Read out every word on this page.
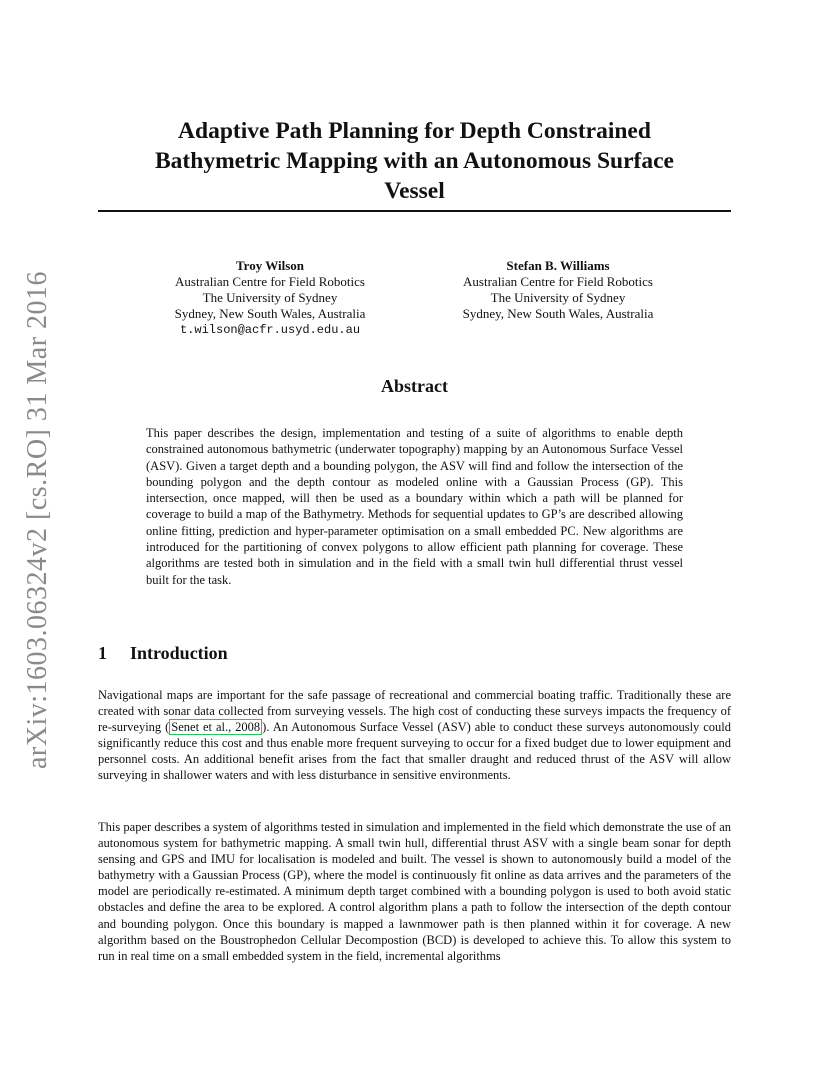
arXiv:1603.06324v2 [cs.RO] 31 Mar 2016
Adaptive Path Planning for Depth Constrained
Bathymetric Mapping with an Autonomous Surface
Vessel
Troy Wilson
Australian Centre for Field Robotics
The University of Sydney
Sydney, New South Wales, Australia
t.wilson@acfr.usyd.edu.au
Stefan B. Williams
Australian Centre for Field Robotics
The University of Sydney
Sydney, New South Wales, Australia
Abstract
This paper describes the design, implementation and testing of a suite of algorithms to enable depth constrained autonomous bathymetric (underwater topography) mapping by an Autonomous Surface Vessel (ASV). Given a target depth and a bounding polygon, the ASV will find and follow the intersection of the bounding polygon and the depth contour as modeled online with a Gaussian Process (GP). This intersection, once mapped, will then be used as a boundary within which a path will be planned for coverage to build a map of the Bathymetry. Methods for sequential updates to GP’s are described allowing online fitting, prediction and hyper-parameter optimisation on a small embedded PC. New algorithms are introduced for the partitioning of convex polygons to allow efficient path planning for coverage. These algorithms are tested both in simulation and in the field with a small twin hull differential thrust vessel built for the task.
1 Introduction

Navigational maps are important for the safe passage of recreational and commercial boating traffic. Traditionally these are created with sonar data collected from surveying vessels. The high cost of conducting these surveys impacts the frequency of re-surveying ( Senet et al., 2008 ). An Autonomous Surface Vessel (ASV) able to conduct these surveys autonomously could significantly reduce this cost and thus enable more frequent surveying to occur for a fixed budget due to lower equipment and personnel costs. An additional benefit arises from the fact that smaller draught and reduced thrust of the ASV will allow surveying in shallower waters and with less disturbance in sensitive environments.

This paper describes a system of algorithms tested in simulation and implemented in the field which demonstrate the use of an autonomous system for bathymetric mapping. A small twin hull, differential thrust ASV with a single beam sonar for depth sensing and GPS and IMU for localisation is modeled and built. The vessel is shown to autonomously build a model of the bathymetry with a Gaussian Process (GP), where the model is continuously fit online as data arrives and the parameters of the model are periodically re-estimated. A minimum depth target combined with a bounding polygon is used to both avoid static obstacles and define the area to be explored. A control algorithm plans a path to follow the intersection of the depth contour and bounding polygon. Once this boundary is mapped a lawnmower path is then planned within it for coverage. A new algorithm based on the Boustrophedon Cellular Decompostion (BCD) is developed to achieve this. To allow this system to run in real time on a small embedded system in the field, incremental algorithms
